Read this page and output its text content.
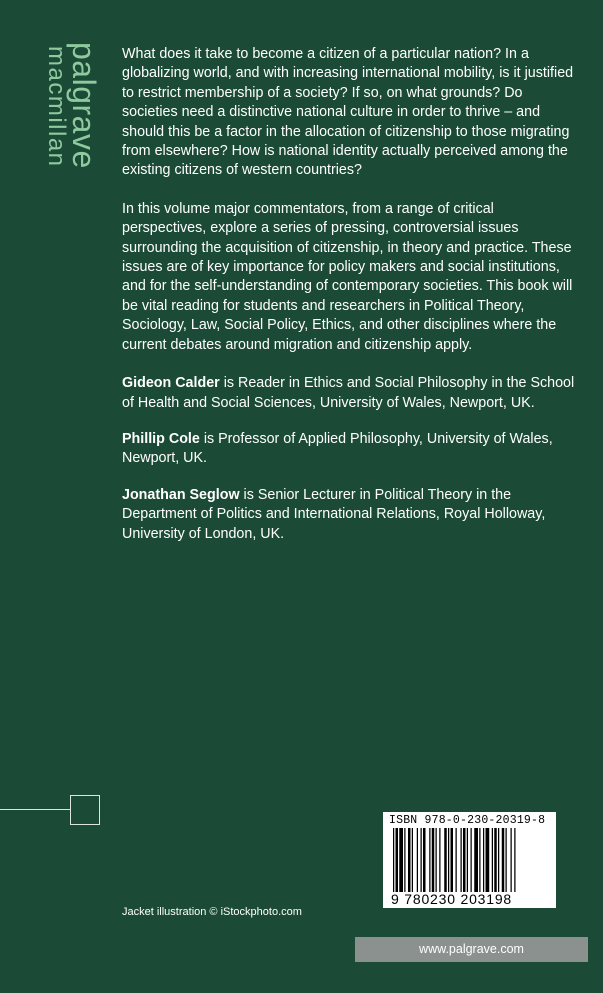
palgrave
macmillan	What does it take to become a citizen of a particular nation? In a globalizing world, and with increasing international mobility, is it justified to restrict membership of a society? If so, on what grounds? Do societies need a distinctive national culture in order to thrive – and should this be a factor in the allocation of citizenship to those migrating from elsewhere? How is national identity actually perceived among the existing citizens of western countries?

In this volume major commentators, from a range of critical perspectives, explore a series of pressing, controversial issues surrounding the acquisition of citizenship, in theory and practice. These issues are of key importance for policy makers and social institutions, and for the self-understanding of contemporary societies. This book will be vital reading for students and researchers in Political Theory, Sociology, Law, Social Policy, Ethics, and other disciplines where the current debates around migration and citizenship apply.

Gideon Calder is Reader in Ethics and Social Philosophy in the School of Health and Social Sciences, University of Wales, Newport, UK.

Phillip Cole is Professor of Applied Philosophy, University of Wales, Newport, UK.

Jonathan Seglow is Senior Lecturer in Political Theory in the Department of Politics and International Relations, Royal Holloway, University of London, UK.

ISBN 978-0-230-20319-8
9 780230 203198
Jacket illustration © iStockphoto.com
www.palgrave.com
